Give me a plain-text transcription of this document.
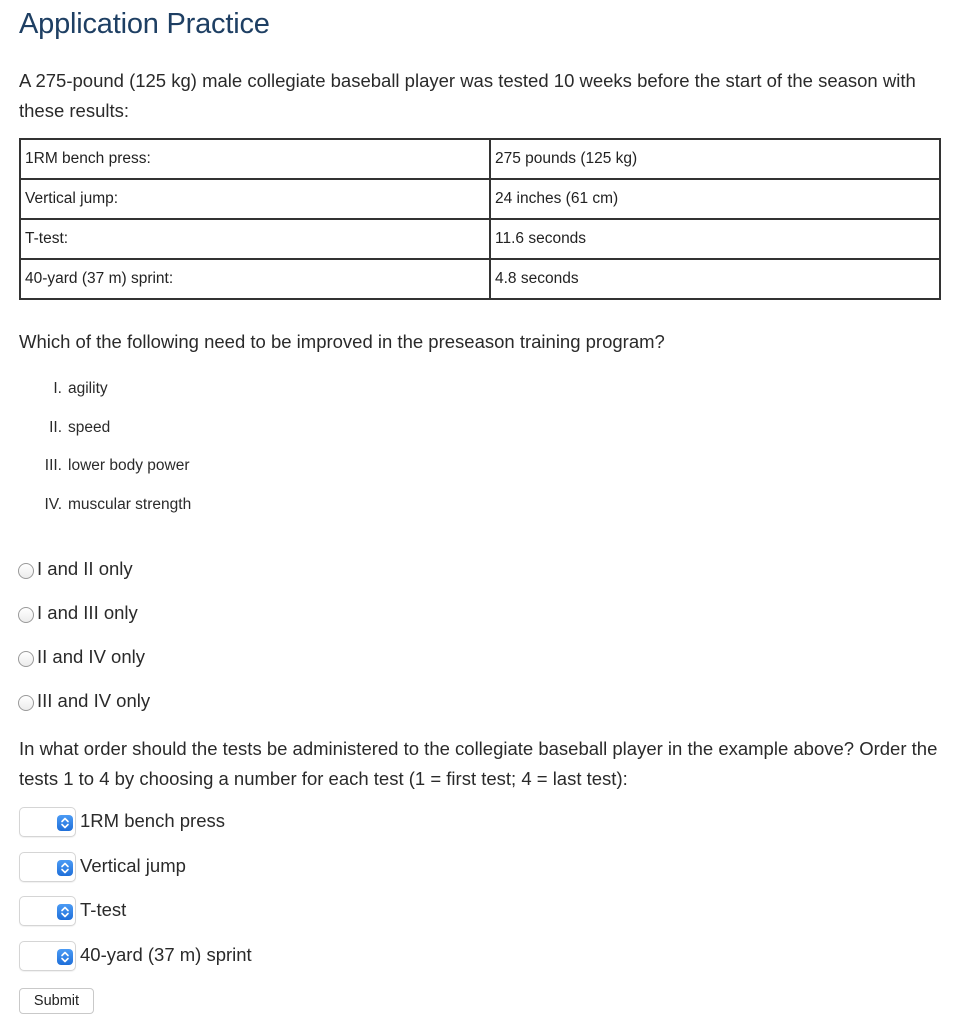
Application Practice

A 275-pound (125 kg) male collegiate baseball player was tested 10 weeks before the start of the season with these results:

1RM bench press:	275 pounds (125 kg)
Vertical jump:	24 inches (61 cm)
T-test:	11.6 seconds
40-yard (37 m) sprint:	4.8 seconds

Which of the following need to be improved in the preseason training program?

I. agility
II. speed
III. lower body power
IV. muscular strength
I and II only
I and III only
II and IV only
III and IV only

In what order should the tests be administered to the collegiate baseball player in the example above? Order the tests 1 to 4 by choosing a number for each test (1 = first test; 4 = last test):

1RM bench press
Vertical jump
T-test
40-yard (37 m) sprint
Submit
